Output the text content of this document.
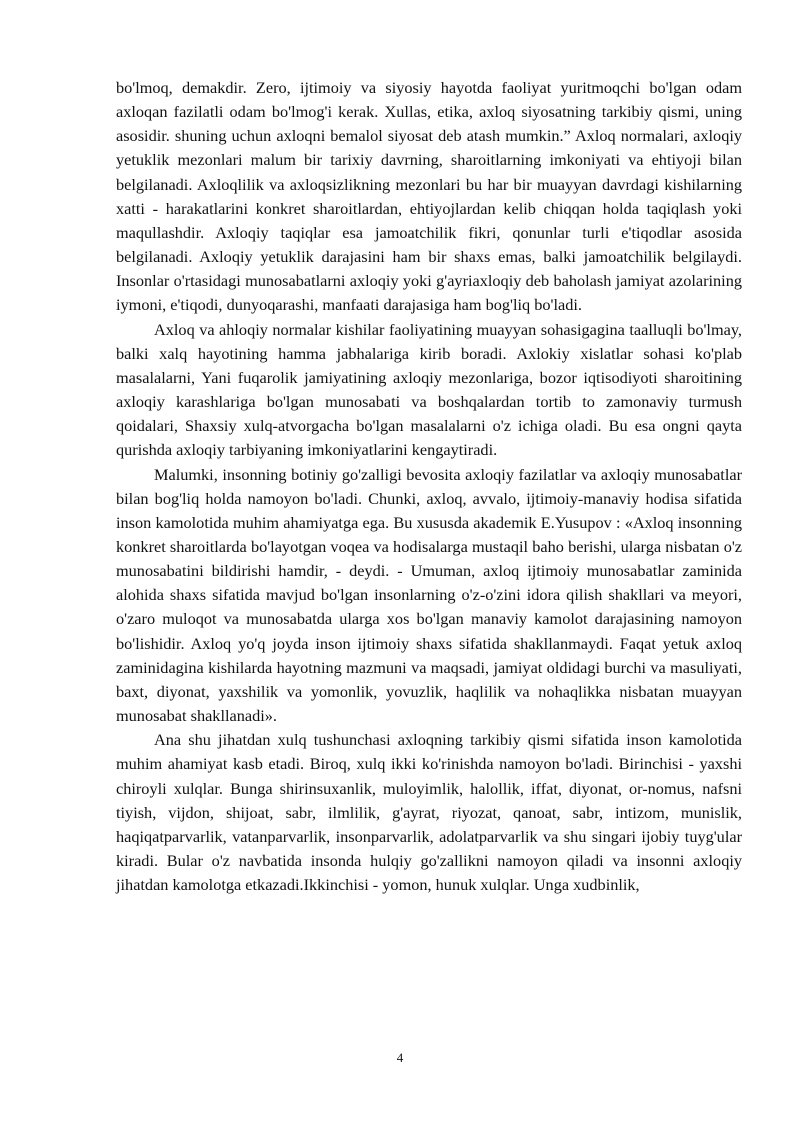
bo'lmoq, demakdir. Zero, ijtimoiy va siyosiy hayotda faoliyat yuritmoqchi bo'lgan odam axloqan fazilatli odam bo'lmog'i kerak. Xullas, etika, axloq siyosatning tarkibiy qismi, uning asosidir. shuning uchun axloqni bemalol siyosat deb atash mumkin.” Axloq normalari, axloqiy yetuklik mezonlari malum bir tarixiy davrning, sharoitlarning imkoniyati va ehtiyoji bilan belgilanadi. Axloqlilik va axloqsizlikning mezonlari bu har bir muayyan davrdagi kishilarning xatti - harakatlarini konkret sharoitlardan, ehtiyojlardan kelib chiqqan holda taqiqlash yoki maqullashdir. Axloqiy taqiqlar esa jamoatchilik fikri, qonunlar turli e'tiqodlar asosida belgilanadi. Axloqiy yetuklik darajasini ham bir shaxs emas, balki jamoatchilik belgilaydi. Insonlar o'rtasidagi munosabatlarni axloqiy yoki g'ayriaxloqiy deb baholash jamiyat azolarining iymoni, e'tiqodi, dunyoqarashi, manfaati darajasiga ham bog'liq bo'ladi.

Axloq va ahloqiy normalar kishilar faoliyatining muayyan sohasigagina taalluqli bo'lmay, balki xalq hayotining hamma jabhalariga kirib boradi. Axlokiy xislatlar sohasi ko'plab masalalarni, Yani fuqarolik jamiyatining axloqiy mezonlariga, bozor iqtisodiyoti sharoitining axloqiy karashlariga bo'lgan munosabati va boshqalardan tortib to zamonaviy turmush qoidalari, Shaxsiy xulq-atvorgacha bo'lgan masalalarni o'z ichiga oladi. Bu esa ongni qayta qurishda axloqiy tarbiyaning imkoniyatlarini kengaytiradi.

Malumki, insonning botiniy go'zalligi bevosita axloqiy fazilatlar va axloqiy munosabatlar bilan bog'liq holda namoyon bo'ladi. Chunki, axloq, avvalo, ijtimoiy-manaviy hodisa sifatida inson kamolotida muhim ahamiyatga ega. Bu xususda akademik E.Yusupov : «Axloq insonning konkret sharoitlarda bo'layotgan voqea va hodisalarga mustaqil baho berishi, ularga nisbatan o'z munosabatini bildirishi hamdir, - deydi. - Umuman, axloq ijtimoiy munosabatlar zaminida alohida shaxs sifatida mavjud bo'lgan insonlarning o'z-o'zini idora qilish shakllari va meyori, o'zaro muloqot va munosabatda ularga xos bo'lgan manaviy kamolot darajasining namoyon bo'lishidir. Axloq yo'q joyda inson ijtimoiy shaxs sifatida shakllanmaydi. Faqat yetuk axloq zaminidagina kishilarda hayotning mazmuni va maqsadi, jamiyat oldidagi burchi va masuliyati, baxt, diyonat, yaxshilik va yomonlik, yovuzlik, haqlilik va nohaqlikka nisbatan muayyan munosabat shakllanadi».

Ana shu jihatdan xulq tushunchasi axloqning tarkibiy qismi sifatida inson kamolotida muhim ahamiyat kasb etadi. Biroq, xulq ikki ko'rinishda namoyon bo'ladi. Birinchisi - yaxshi chiroyli xulqlar. Bunga shirinsuxanlik, muloyimlik, halollik, iffat, diyonat, or-nomus, nafsni tiyish, vijdon, shijoat, sabr, ilmlilik, g'ayrat, riyozat, qanoat, sabr, intizom, munislik, haqiqatparvarlik, vatanparvarlik, insonparvarlik, adolatparvarlik va shu singari ijobiy tuyg'ular kiradi. Bular o'z navbatida insonda hulqiy go'zallikni namoyon qiladi va insonni axloqiy jihatdan kamolotga etkazadi.Ikkinchisi - yomon, hunuk xulqlar. Unga xudbinlik,

4
